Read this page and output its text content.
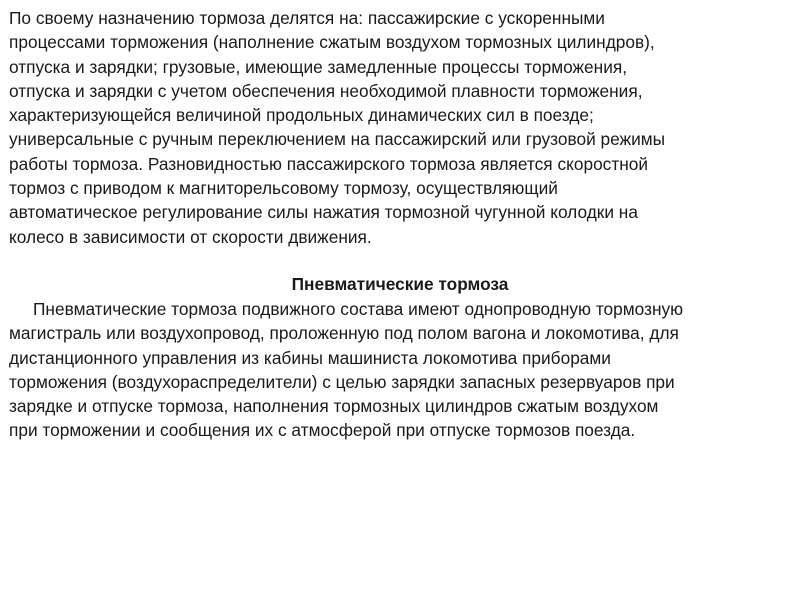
По своему назначению тормоза делятся на: пассажирские с ускоренными
процессами торможения (наполнение сжатым воздухом тормозных цилиндров),
отпуска и зарядки; грузовые, имеющие замедленные процессы торможения,
отпуска и зарядки с учетом обеспечения необходимой плавности торможения,
характеризующейся величиной продольных динамических сил в поезде;
универсальные с ручным переключением на пассажирский или грузовой режимы
работы тормоза. Разновидностью пассажирского тормоза является скоростной
тормоз с приводом к магниторельсовому тормозу, осуществляющий
автоматическое регулирование силы нажатия тормозной чугунной колодки на
колесо в зависимости от скорости движения.

Пневматические тормоза

Пневматические тормоза подвижного состава имеют однопроводную тормозную
магистраль или воздухопровод, проложенную под полом вагона и локомотива, для
дистанционного управления из кабины машиниста локомотива приборами
торможения (воздухораспределители) с целью зарядки запасных резервуаров при
зарядке и отпуске тормоза, наполнения тормозных цилиндров сжатым воздухом
при торможении и сообщения их с атмосферой при отпуске тормозов поезда.
